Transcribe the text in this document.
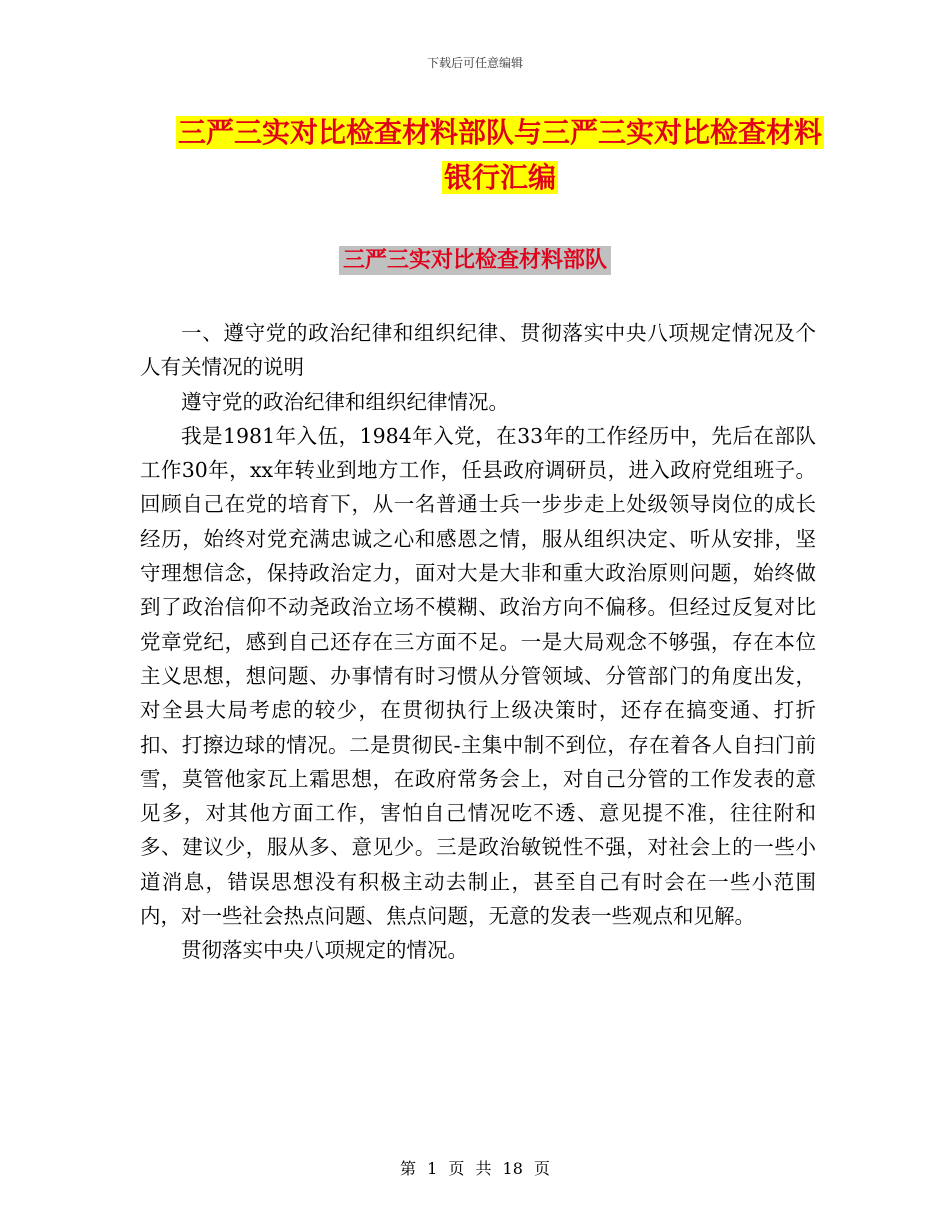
下载后可任意编辑
三严三实对比检查材料部队与三严三实对比检查材料
银行汇编
三严三实对比检查材料部队

一、遵守党的政治纪律和组织纪律、贯彻落实中央八项规定情况及个人有关情况的说明

遵守党的政治纪律和组织纪律情况。

我是1981年入伍，1984年入党，在33年的工作经历中，先后在部队工作30年，xx年转业到地方工作，任县政府调研员，进入政府党组班子。回顾自己在党的培育下，从一名普通士兵一步步走上处级领导岗位的成长经历，始终对党充满忠诚之心和感恩之情，服从组织决定、听从安排，坚守理想信念，保持政治定力，面对大是大非和重大政治原则问题，始终做到了政治信仰不动尧政治立场不模糊、政治方向不偏移。但经过反复对比党章党纪，感到自己还存在三方面不足。一是大局观念不够强，存在本位主义思想，想问题、办事情有时习惯从分管领域、分管部门的角度出发，对全县大局考虑的较少，在贯彻执行上级决策时，还存在搞变通、打折扣、打擦边球的情况。二是贯彻民-主集中制不到位，存在着各人自扫门前雪，莫管他家瓦上霜思想，在政府常务会上，对自己分管的工作发表的意见多，对其他方面工作，害怕自己情况吃不透、意见提不准，往往附和多、建议少，服从多、意见少。三是政治敏锐性不强，对社会上的一些小道消息，错误思想没有积极主动去制止，甚至自己有时会在一些小范围内，对一些社会热点问题、焦点问题，无意的发表一些观点和见解。

贯彻落实中央八项规定的情况。

第 1 页 共 18 页
